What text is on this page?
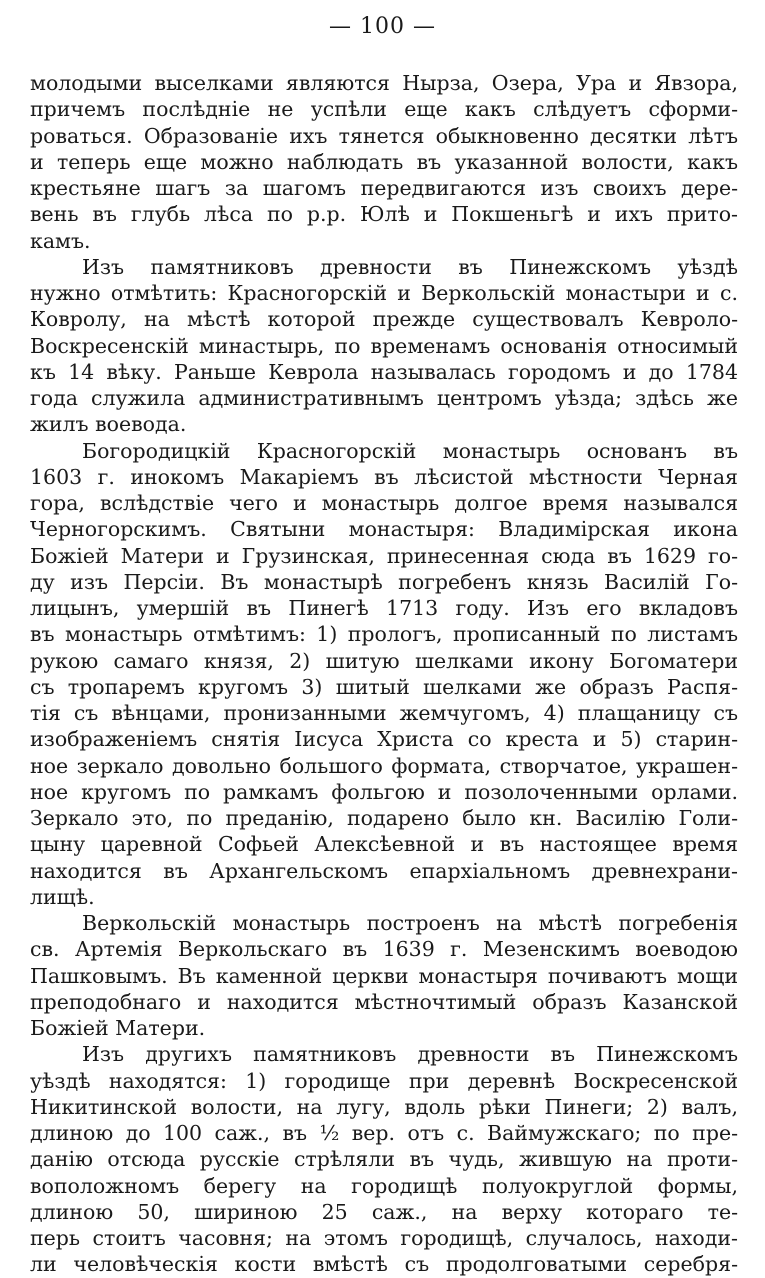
— 100 —
молодыми выселками являются Нырза, Озера, Ура и Явзора,
причемъ послѣдніе не успѣли еще какъ слѣдуетъ сформи-
роваться. Образованіе ихъ тянется обыкновенно десятки лѣтъ
и теперь еще можно наблюдать въ указанной волости, какъ
крестьяне шагъ за шагомъ передвигаются изъ своихъ дере-
вень въ глубь лѣса по р.р. Юлѣ и Покшеньгѣ и ихъ прито-
камъ.
Изъ памятниковъ древности въ Пинежскомъ уѣздѣ
нужно отмѣтить: Красногорскій и Веркольскій монастыри и с.
Ковролу, на мѣстѣ которой прежде существовалъ Кевроло-
Воскресенскій минастырь, по временамъ основанія относимый
къ 14 вѣку. Раньше Кеврола называлась городомъ и до 1784
года служила административнымъ центромъ уѣзда; здѣсь же
жилъ воевода.
Богородицкій Красногорскій монастырь основанъ въ
1603 г. инокомъ Макаріемъ въ лѣсистой мѣстности Черная
гора, вслѣдствіе чего и монастырь долгое время назывался
Черногорскимъ. Святыни монастыря: Владимірская икона
Божіей Матери и Грузинская, принесенная сюда въ 1629 го-
ду изъ Персіи. Въ монастырѣ погребенъ князь Василій Го-
лицынъ, умершій въ Пинегѣ 1713 году. Изъ его вкладовъ
въ монастырь отмѣтимъ: 1) прологъ, прописанный по листамъ
рукою самаго князя, 2) шитую шелками икону Богоматери
съ тропаремъ кругомъ 3) шитый шелками же образъ Распя-
тія съ вѣнцами, пронизанными жемчугомъ, 4) плащаницу съ
изображеніемъ снятія Іисуса Христа со креста и 5) старин-
ное зеркало довольно большого формата, створчатое, украшен-
ное кругомъ по рамкамъ фольгою и позолоченными орлами.
Зеркало это, по преданію, подарено было кн. Василію Голи-
цыну царевной Софьей Алексѣевной и въ настоящее время
находится въ Архангельскомъ епархіальномъ древнехрани-
лищѣ.
Веркольскій монастырь построенъ на мѣстѣ погребенія
св. Артемія Веркольскаго въ 1639 г. Мезенскимъ воеводою
Пашковымъ. Въ каменной церкви монастыря почиваютъ мощи
преподобнаго и находится мѣстночтимый образъ Казанской
Божіей Матери.
Изъ другихъ памятниковъ древности въ Пинежскомъ
уѣздѣ находятся: 1) городище при деревнѣ Воскресенской
Никитинской волости, на лугу, вдоль рѣки Пинеги; 2) валъ,
длиною до 100 саж., въ ½ вер. отъ с. Ваймужскаго; по пре-
данію отсюда русскіе стрѣляли въ чудь, жившую на проти-
воположномъ берегу на городищѣ полуокруглой формы,
длиною 50, шириною 25 саж., на верху котораго те-
перь стоитъ часовня; на этомъ городищѣ, случалось, находи-
ли человѣческія кости вмѣстѣ съ продолговатыми серебря-
